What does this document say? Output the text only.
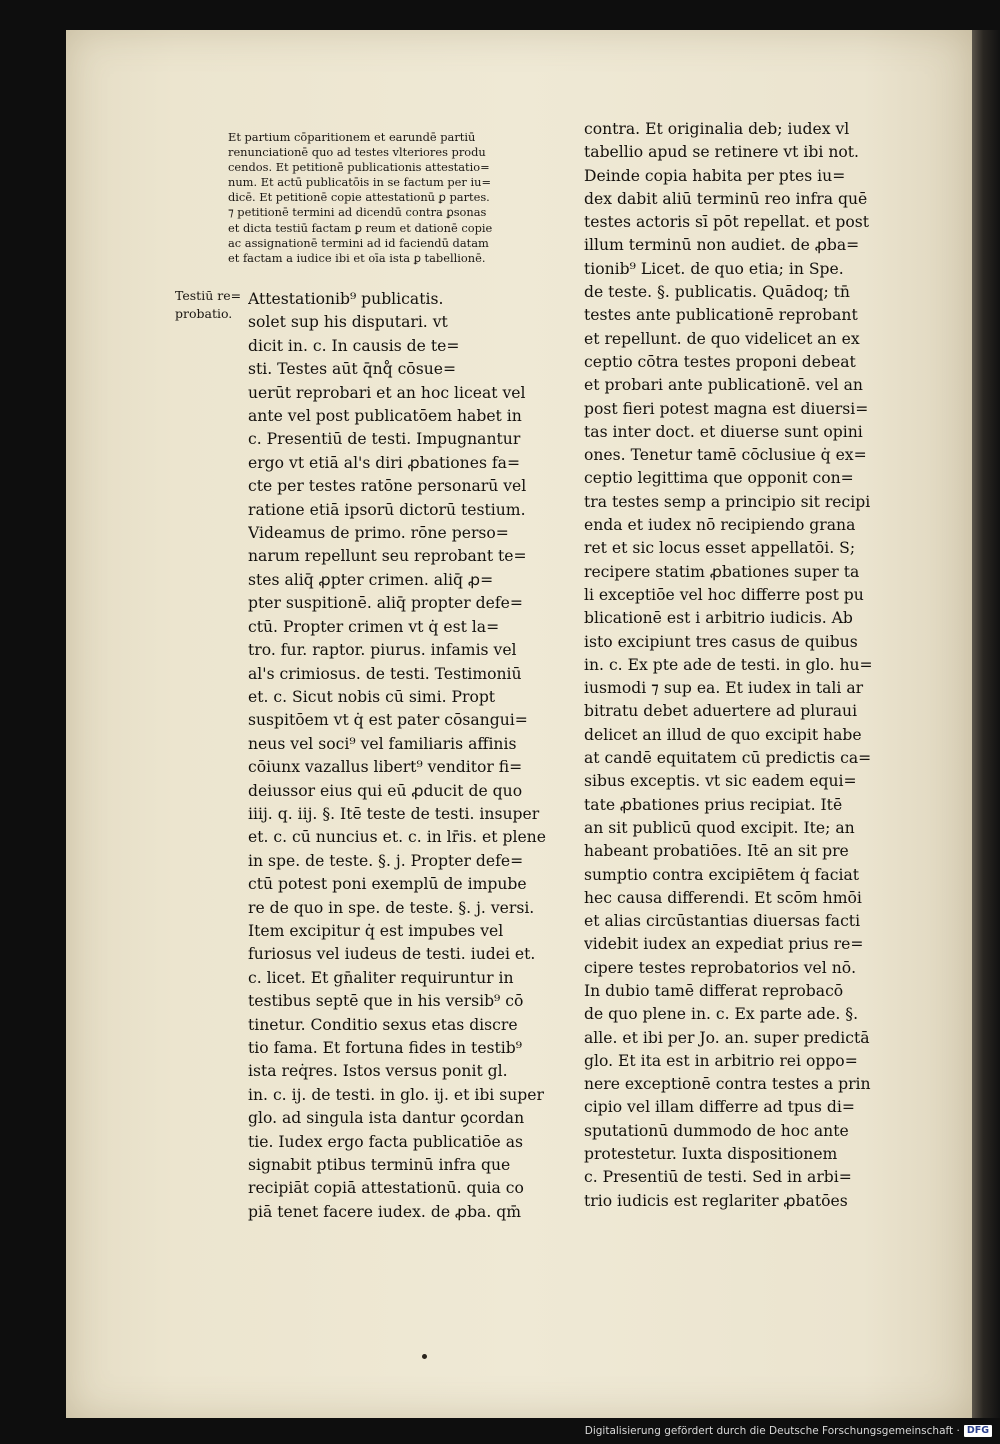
Et partium cōparitionem et earundē partiū
renunciationē quo ad testes vlteriores produ
cendos. Et petitionē publicationis attestatio=
num. Et actū publicatōis in se factum per iu=
dicē. Et petitionē copie attestationū ꝑ partes.
⁊ petitionē termini ad dicendū contra ꝑsonas
et dicta testiū factam ꝑ reum et dationē copie
ac assignationē termini ad id faciendū datam
et factam a iudice ibi et oīa ista ꝑ tabellionē.
Testiū re=
probatio.
Attestationib⁹ publicatis.
solet sup his disputari. vt
dicit in. c. In causis de te=
sti. Testes aūt q̄nq̊ cōsue=
uerūt reprobari et an hoc liceat vel
ante vel post publicatōem habet in
c. Presentiū de testi. Impugnantur
ergo vt etiā al's diri ꝓbationes fa=
cte per testes ratōne personarū vel
ratione etiā ipsorū dictorū testium.
Videamus de primo. rōne perso=
narum repellunt seu reprobant te=
stes aliq̄ ꝓpter crimen. aliq̄ ꝓ=
pter suspitionē. aliq̄ propter defe=
ctū. Propter crimen vt q̇ est la=
tro. fur. raptor. piurus. infamis vel
al's crimiosus. de testi. Testimoniū
et. c. Sicut nobis cū simi. Propt
suspitōem vt q̇ est pater cōsangui=
neus vel soci⁹ vel familiaris affinis
cōiunx vazallus libert⁹ venditor fi=
deiussor eius qui eū ꝓducit de quo
iiij. q. iij. §. Itē teste de testi. insuper
et. c. cū nuncius et. c. in lr̄is. et plene
in spe. de teste. §. j. Propter defe=
ctū potest poni exemplū de impube
re de quo in spe. de teste. §. j. versi.
Item excipitur q̇ est impubes vel
furiosus vel iudeus de testi. iudei et.
c. licet. Et gn̄aliter requiruntur in
testibus septē que in his versib⁹ cō
tinetur. Conditio sexus etas discre
tio fama. Et fortuna fides in testib⁹
ista req̇res. Istos versus ponit gl.
in. c. ij. de testi. in glo. ij. et ibi super
glo. ad singula ista dantur ꝯcordan
tie. Iudex ergo facta publicatiōe as
signabit ptibus terminū infra que
recipiāt copiā attestationū. quia co
piā tenet facere iudex. de ꝓba. qm̄
contra. Et originalia deb; iudex vl
tabellio apud se retinere vt ibi not.
Deinde copia habita per ptes iu=
dex dabit aliū terminū reo infra quē
testes actoris sī pōt repellat. et post
illum terminū non audiet. de ꝓba=
tionib⁹ Licet. de quo etia; in Spe.
de teste. §. publicatis. Quādoq; tn̄
testes ante publicationē reprobant
et repellunt. de quo videlicet an ex
ceptio cōtra testes proponi debeat
et probari ante publicationē. vel an
post fieri potest magna est diuersi=
tas inter doct. et diuerse sunt opini
ones. Tenetur tamē cōclusiue q̇ ex=
ceptio legittima que opponit con=
tra testes semp a principio sit recipi
enda et iudex nō recipiendo grana
ret et sic locus esset appellatōi. S;
recipere statim ꝓbationes super ta
li exceptiōe vel hoc differre post pu
blicationē est i arbitrio iudicis. Ab
isto excipiunt tres casus de quibus
in. c. Ex pte ade de testi. in glo. hu=
iusmodi ⁊ sup ea. Et iudex in tali ar
bitratu debet aduertere ad pluraui
delicet an illud de quo excipit habe
at candē equitatem cū predictis ca=
sibus exceptis. vt sic eadem equi=
tate ꝓbationes prius recipiat. Itē
an sit publicū quod excipit. Ite; an
habeant probatiōes. Itē an sit pre
sumptio contra excipiētem q̇ faciat
hec causa differendi. Et scōm hmōi
et alias circūstantias diuersas facti
videbit iudex an expediat prius re=
cipere testes reprobatorios vel nō.
In dubio tamē differat reprobacō
de quo plene in. c. Ex parte ade. §.
alle. et ibi per Jo. an. super predictā
glo. Et ita est in arbitrio rei oppo=
nere exceptionē contra testes a prin
cipio vel illam differre ad tpus di=
sputationū dummodo de hoc ante
protestetur. Iuxta dispositionem
c. Presentiū de testi. Sed in arbi=
trio iudicis est reglariter ꝓbatōes
Digitalisierung gefördert durch die Deutsche Forschungsgemeinschaft · DFG
